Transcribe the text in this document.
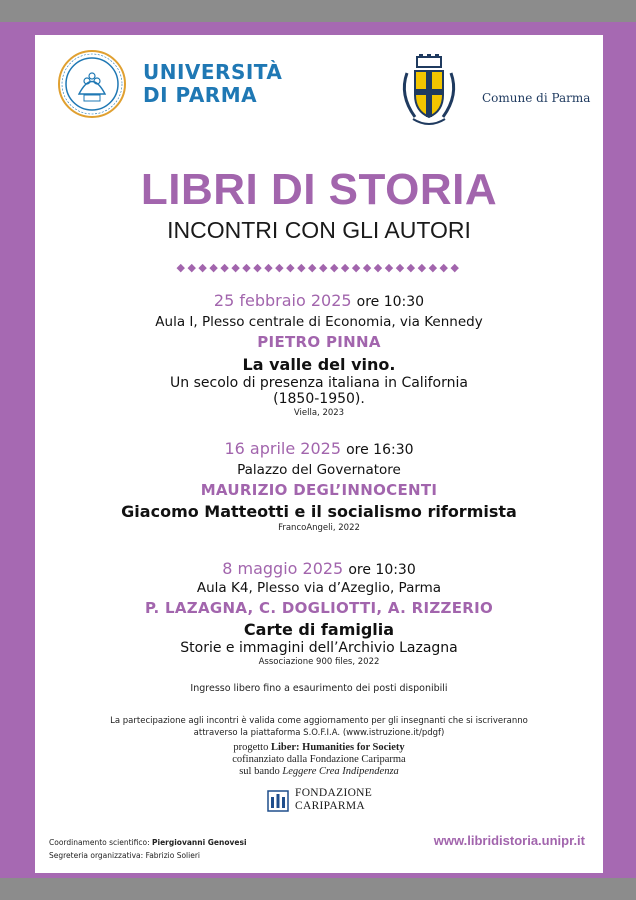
UNIVERSITÀ
DI PARMA	Comune di Parma
LIBRI DI STORIA
INCONTRI CON GLI AUTORI
◆◆◆◆◆◆◆◆◆◆◆◆◆◆◆◆◆◆◆◆◆◆◆◆◆◆
25 febbraio 2025 ore 10:30
Aula I, Plesso centrale di Economia, via Kennedy
PIETRO PINNA
La valle del vino.
Un secolo di presenza italiana in California
(1850-1950).
Viella, 2023
16 aprile 2025 ore 16:30
Palazzo del Governatore
MAURIZIO DEGL’INNOCENTI
Giacomo Matteotti e il socialismo riformista
FrancoAngeli, 2022
8 maggio 2025 ore 10:30
Aula K4, Plesso via d’Azeglio, Parma
P. LAZAGNA, C. DOGLIOTTI, A. RIZZERIO
Carte di famiglia
Storie e immagini dell’Archivio Lazagna
Associazione 900 files, 2022
Ingresso libero fino a esaurimento dei posti disponibili
La partecipazione agli incontri è valida come aggiornamento per gli insegnanti che si iscriveranno
attraverso la piattaforma S.O.F.I.A. (www.istruzione.it/pdgf)
progetto Liber: Humanities for Society
cofinanziato dalla Fondazione Cariparma
sul bando Leggere Crea Indipendenza
FONDAZIONE
CARIPARMA
Coordinamento scientifico: Piergiovanni Genovesi
Segreteria organizzativa: Fabrizio Solieri
www.libridistoria.unipr.it
